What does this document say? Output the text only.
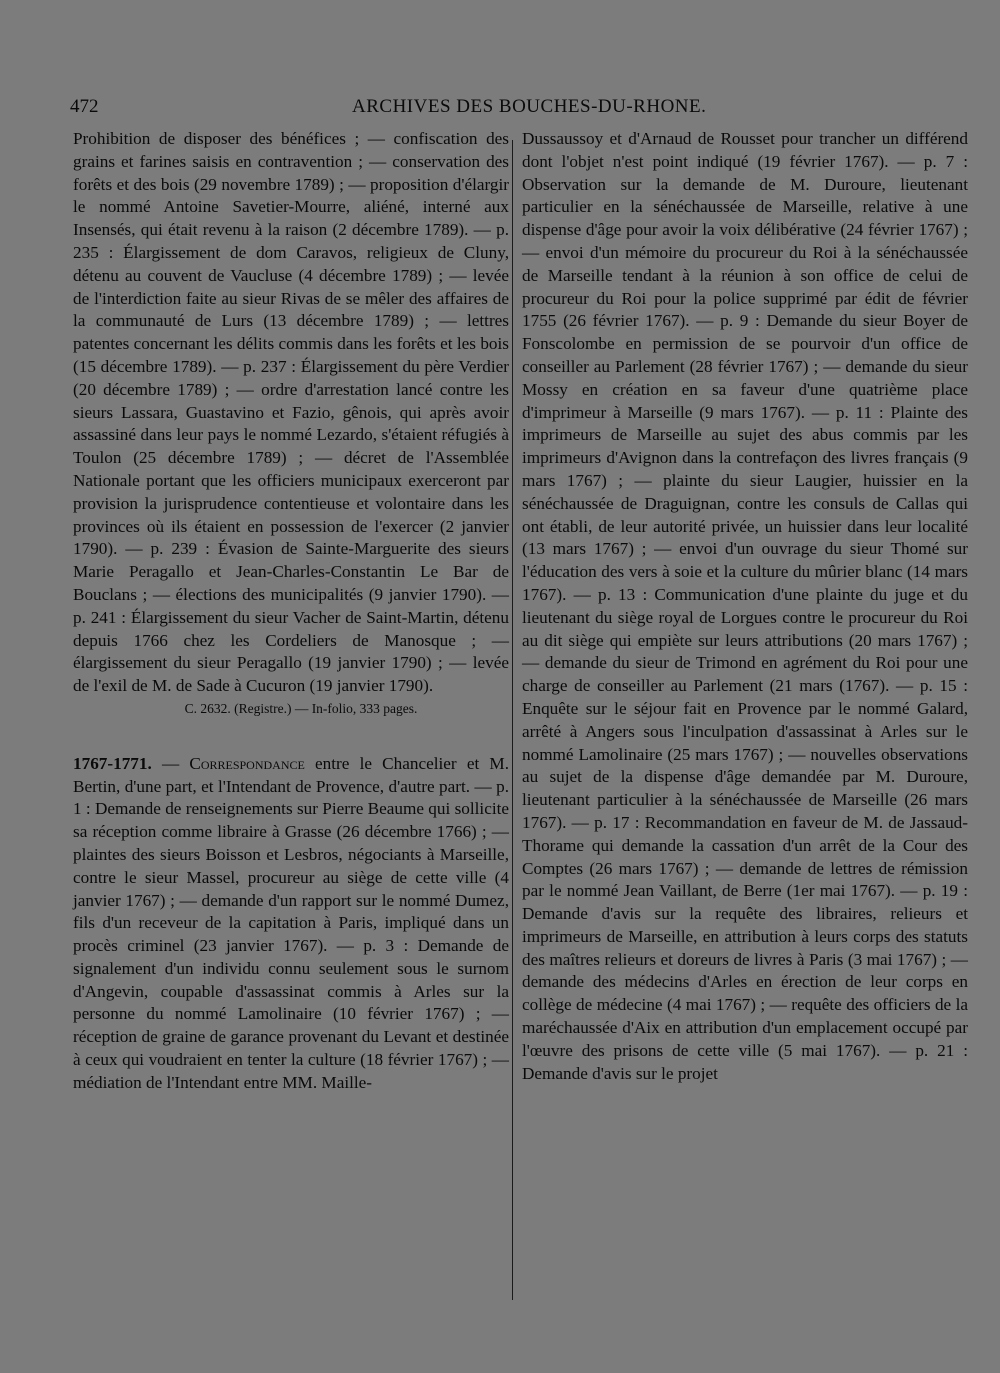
472	ARCHIVES DES BOUCHES-DU-RHONE.

Prohibition de disposer des bénéfices ; — confiscation des grains et farines saisis en contravention ; — conservation des forêts et des bois (29 novembre 1789) ; — proposition d'élargir le nommé Antoine Savetier-Mourre, aliéné, interné aux Insensés, qui était revenu à la raison (2 décembre 1789). — p. 235 : Élargissement de dom Caravos, religieux de Cluny, détenu au couvent de Vaucluse (4 décembre 1789) ; — levée de l'interdiction faite au sieur Rivas de se mêler des affaires de la communauté de Lurs (13 décembre 1789) ; — lettres patentes concernant les délits commis dans les forêts et les bois (15 décembre 1789). — p. 237 : Élargissement du père Verdier (20 décembre 1789) ; — ordre d'arrestation lancé contre les sieurs Lassara, Guastavino et Fazio, gênois, qui après avoir assassiné dans leur pays le nommé Lezardo, s'étaient réfugiés à Toulon (25 décembre 1789) ; — décret de l'Assemblée Nationale portant que les officiers municipaux exerceront par provision la jurisprudence contentieuse et volontaire dans les provinces où ils étaient en possession de l'exercer (2 janvier 1790). — p. 239 : Évasion de Sainte-Marguerite des sieurs Marie Peragallo et Jean-Charles-Constantin Le Bar de Bouclans ; — élections des municipalités (9 janvier 1790). — p. 241 : Élargissement du sieur Vacher de Saint-Martin, détenu depuis 1766 chez les Cordeliers de Manosque ; — élargissement du sieur Peragallo (19 janvier 1790) ; — levée de l'exil de M. de Sade à Cucuron (19 janvier 1790).

C. 2632. (Registre.) — In-folio, 333 pages.

1767-1771. — Correspondance entre le Chancelier et M. Bertin, d'une part, et l'Intendant de Provence, d'autre part. — p. 1 : Demande de renseignements sur Pierre Beaume qui sollicite sa réception comme libraire à Grasse (26 décembre 1766) ; — plaintes des sieurs Boisson et Lesbros, négociants à Marseille, contre le sieur Massel, procureur au siège de cette ville (4 janvier 1767) ; — demande d'un rapport sur le nommé Dumez, fils d'un receveur de la capitation à Paris, impliqué dans un procès criminel (23 janvier 1767). — p. 3 : Demande de signalement d'un individu connu seulement sous le surnom d'Angevin, coupable d'assassinat commis à Arles sur la personne du nommé Lamolinaire (10 février 1767) ; — réception de graine de garance provenant du Levant et destinée à ceux qui voudraient en tenter la culture (18 février 1767) ; — médiation de l'Intendant entre MM. Maille-

Dussaussoy et d'Arnaud de Rousset pour trancher un différend dont l'objet n'est point indiqué (19 février 1767). — p. 7 : Observation sur la demande de M. Duroure, lieutenant particulier en la sénéchaussée de Marseille, relative à une dispense d'âge pour avoir la voix délibérative (24 février 1767) ; — envoi d'un mémoire du procureur du Roi à la sénéchaussée de Marseille tendant à la réunion à son office de celui de procureur du Roi pour la police supprimé par édit de février 1755 (26 février 1767). — p. 9 : Demande du sieur Boyer de Fonscolombe en permission de se pourvoir d'un office de conseiller au Parlement (28 février 1767) ; — demande du sieur Mossy en création en sa faveur d'une quatrième place d'imprimeur à Marseille (9 mars 1767). — p. 11 : Plainte des imprimeurs de Marseille au sujet des abus commis par les imprimeurs d'Avignon dans la contrefaçon des livres français (9 mars 1767) ; — plainte du sieur Laugier, huissier en la sénéchaussée de Draguignan, contre les consuls de Callas qui ont établi, de leur autorité privée, un huissier dans leur localité (13 mars 1767) ; — envoi d'un ouvrage du sieur Thomé sur l'éducation des vers à soie et la culture du mûrier blanc (14 mars 1767). — p. 13 : Communication d'une plainte du juge et du lieutenant du siège royal de Lorgues contre le procureur du Roi au dit siège qui empiète sur leurs attributions (20 mars 1767) ; — demande du sieur de Trimond en agrément du Roi pour une charge de conseiller au Parlement (21 mars (1767). — p. 15 : Enquête sur le séjour fait en Provence par le nommé Galard, arrêté à Angers sous l'inculpation d'assassinat à Arles sur le nommé Lamolinaire (25 mars 1767) ; — nouvelles observations au sujet de la dispense d'âge demandée par M. Duroure, lieutenant particulier à la sénéchaussée de Marseille (26 mars 1767). — p. 17 : Recommandation en faveur de M. de Jassaud-Thorame qui demande la cassation d'un arrêt de la Cour des Comptes (26 mars 1767) ; — demande de lettres de rémission par le nommé Jean Vaillant, de Berre (1er mai 1767). — p. 19 : Demande d'avis sur la requête des libraires, relieurs et imprimeurs de Marseille, en attribution à leurs corps des statuts des maîtres relieurs et doreurs de livres à Paris (3 mai 1767) ; — demande des médecins d'Arles en érection de leur corps en collège de médecine (4 mai 1767) ; — requête des officiers de la maréchaussée d'Aix en attribution d'un emplacement occupé par l'œuvre des prisons de cette ville (5 mai 1767). — p. 21 : Demande d'avis sur le projet
